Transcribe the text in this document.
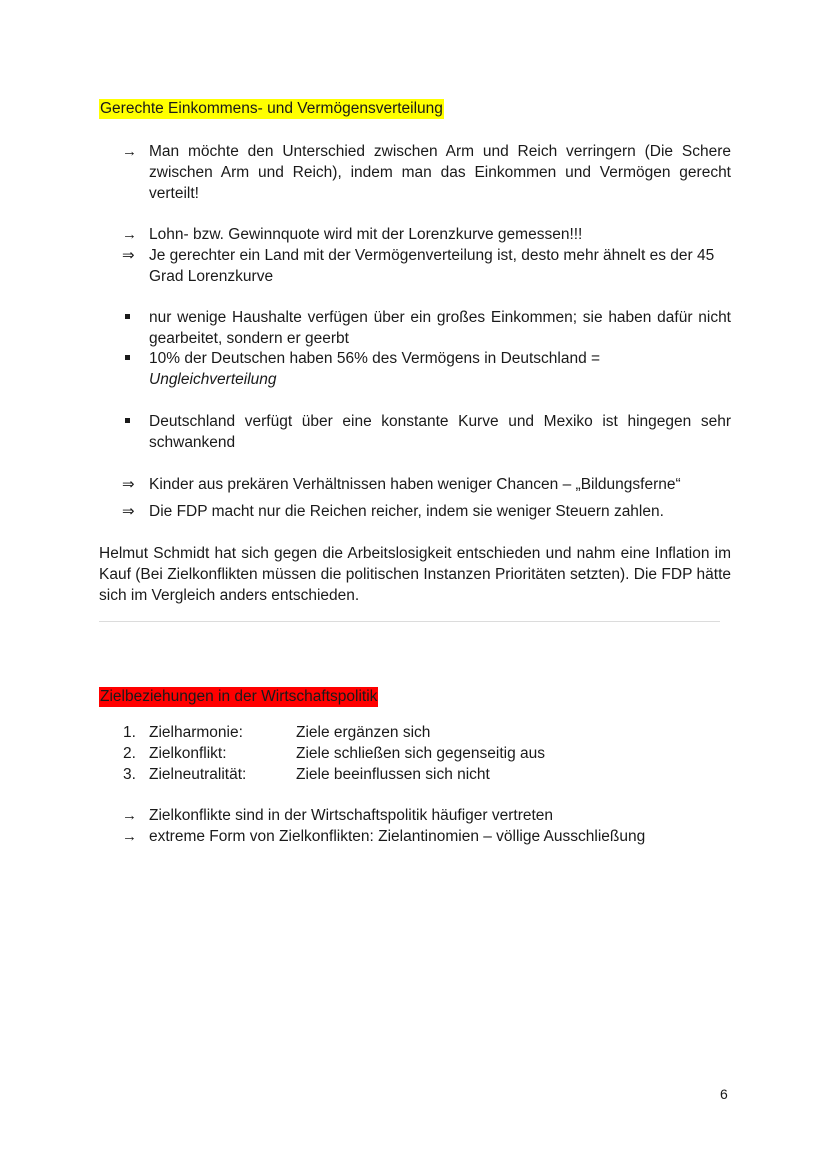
Gerechte Einkommens- und Vermögensverteilung
→ Man möchte den Unterschied zwischen Arm und Reich verringern (Die Schere zwischen Arm und Reich), indem man das Einkommen und Vermögen gerecht verteilt!
→ Lohn- bzw. Gewinnquote wird mit der Lorenzkurve gemessen!!!
⇒ Je gerechter ein Land mit der Vermögenverteilung ist, desto mehr ähnelt es der 45 Grad Lorenzkurve
nur wenige Haushalte verfügen über ein großes Einkommen; sie haben dafür nicht gearbeitet, sondern er geerbt
10% der Deutschen haben 56% des Vermögens in Deutschland =
Ungleichverteilung
Deutschland verfügt über eine konstante Kurve und Mexiko ist hingegen sehr schwankend
⇒ Kinder aus prekären Verhältnissen haben weniger Chancen – „Bildungsferne“
⇒ Die FDP macht nur die Reichen reicher, indem sie weniger Steuern zahlen.
Helmut Schmidt hat sich gegen die Arbeitslosigkeit entschieden und nahm eine Inflation im Kauf (Bei Zielkonflikten müssen die politischen Instanzen Prioritäten setzten). Die FDP hätte sich im Vergleich anders entschieden.
Zielbeziehungen in der Wirtschaftspolitik
1. Zielharmonie:	Ziele ergänzen sich
2. Zielkonflikt:	Ziele schließen sich gegenseitig aus
3. Zielneutralität:	Ziele beeinflussen sich nicht
→ Zielkonflikte sind in der Wirtschaftspolitik häufiger vertreten
→ extreme Form von Zielkonflikten: Zielantinomien – völlige Ausschließung
6
